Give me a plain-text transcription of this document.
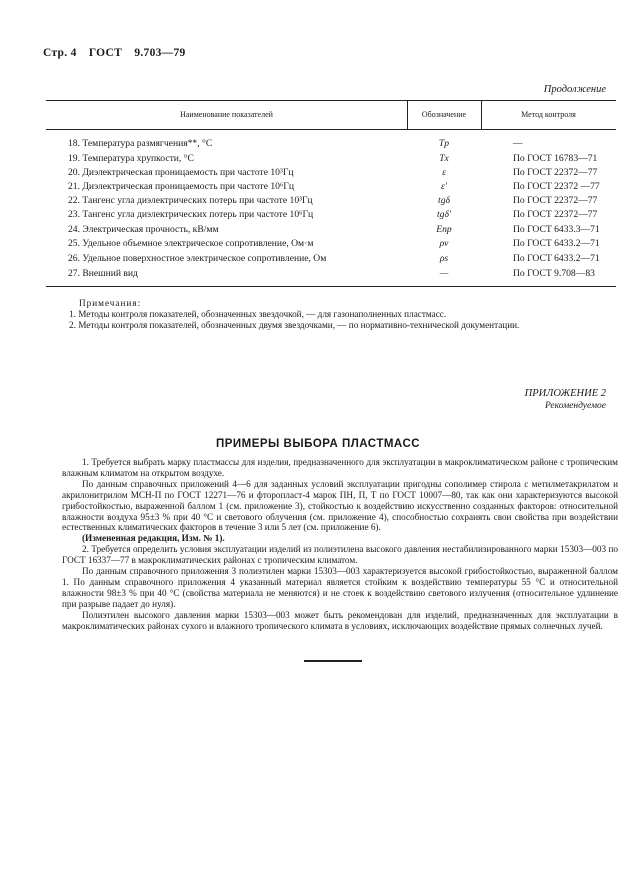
Стр. 4 ГОСТ 9.703—79
Продолжение
Наименование показателей	Обозначение	Метод контроля
18. Температура размягчения**, °С	Tр	—
19. Температура хрупкости, °С	Tх	По ГОСТ 16783—71
20. Диэлектрическая проницаемость при частоте 10³Гц	ε	По ГОСТ 22372—77
21. Диэлектрическая проницаемость при частоте 10⁶Гц	ε′	По ГОСТ 22372 —77
22. Тангенс угла диэлектрических потерь при частоте 10³Гц	tgδ	По ГОСТ 22372—77
23. Тангенс угла диэлектрических потерь при частоте 10⁶Гц	tgδ′	По ГОСТ 22372—77
24. Электрическая прочность, кВ/мм	Eпр	По ГОСТ 6433.3—71
25. Удельное объемное электрическое сопротивление, Ом·м	ρv	По ГОСТ 6433.2—71
26. Удельное поверхностное электрическое сопротивление, Ом	ρs	По ГОСТ 6433.2—71
27. Внешний вид	—	По ГОСТ 9.708—83
Примечания:
1. Методы контроля показателей, обозначенных звездочкой, — для газонаполненных пластмасс.
2. Методы контроля показателей, обозначенных двумя звездочками, — по нормативно-технической документации.
ПРИЛОЖЕНИЕ 2
Рекомендуемое
ПРИМЕРЫ ВЫБОРА ПЛАСТМАСС

1. Требуется выбрать марку пластмассы для изделия, предназначенного для эксплуатации в макроклиматическом районе с тропическим влажным климатом на открытом воздухе.

По данным справочных приложений 4—6 для заданных условий эксплуатации пригодны сополимер стирола с метилметакрилатом и акрилонитрилом МСН-П по ГОСТ 12271—76 и фторопласт-4 марок ПН, П, Т по ГОСТ 10007—80, так как они характеризуются высокой грибостойкостью, выраженной баллом 1 (см. приложение 3), стойкостью к воздействию искусственно созданных факторов: относительной влажности воздуха 95±3 % при 40 °С и светового облучения (см. приложение 4), способностью сохранять свои свойства при воздействии естественных климатических факторов в течение 3 или 5 лет (см. приложение 6).

(Измененная редакция, Изм. № 1).

2. Требуется определить условия эксплуатации изделий из полиэтилена высокого давления нестабилизированного марки 15303—003 по ГОСТ 16337—77 в макроклиматических районах с тропическим климатом.

По данным справочного приложения 3 полиэтилен марки 15303—003 характеризуется высокой грибостойкостью, выраженной баллом 1. По данным справочного приложения 4 указанный материал является стойким к воздействию температуры 55 °С и относительной влажности 98±3 % при 40 °С (свойства материала не меняются) и не стоек к воздействию светового излучения (относительное удлинение при разрыве падает до нуля).

Полиэтилен высокого давления марки 15303—003 может быть рекомендован для изделий, предназначенных для эксплуатации в макроклиматических районах сухого и влажного тропического климата в условиях, исключающих воздействие прямых солнечных лучей.
